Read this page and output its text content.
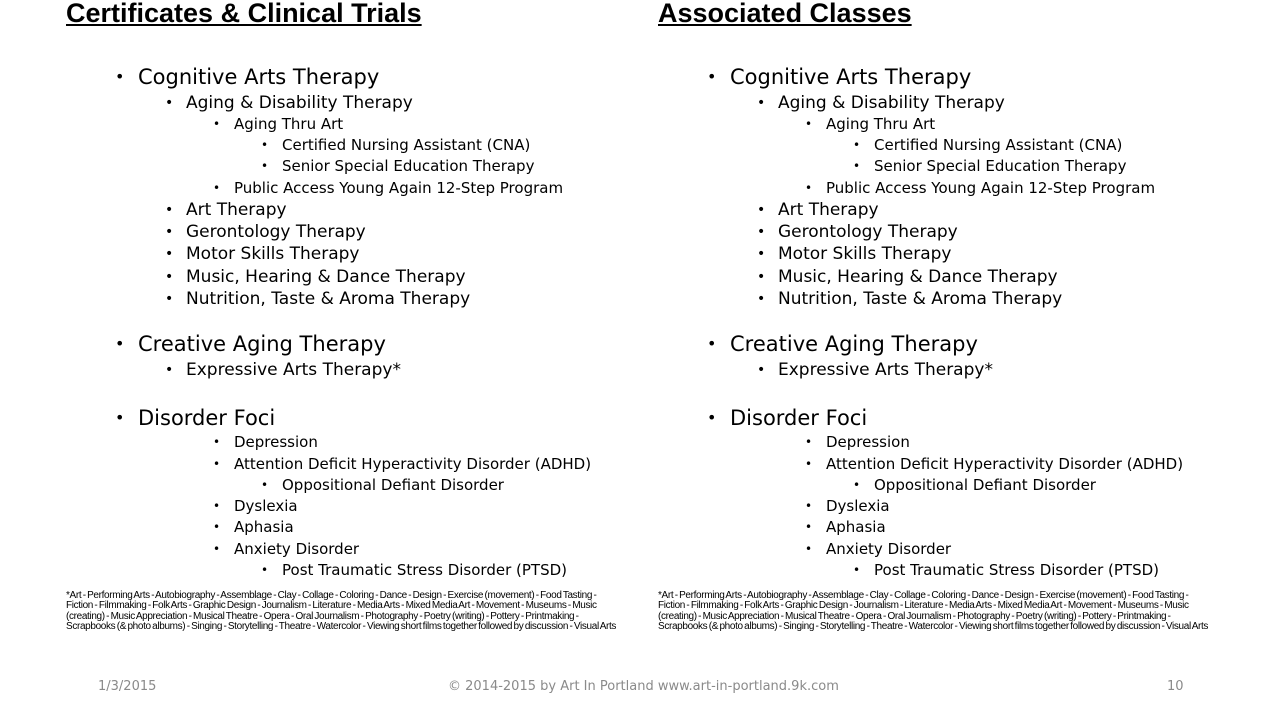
Certificates & Clinical Trials
• Cognitive Arts Therapy
• Aging & Disability Therapy
• Aging Thru Art
• Certified Nursing Assistant (CNA)
• Senior Special Education Therapy
• Public Access Young Again 12-Step Program
• Art Therapy
• Gerontology Therapy
• Motor Skills Therapy
• Music, Hearing & Dance Therapy
• Nutrition, Taste & Aroma Therapy
• Creative Aging Therapy
• Expressive Arts Therapy*
• Disorder Foci
• Depression
• Attention Deficit Hyperactivity Disorder (ADHD)
• Oppositional Defiant Disorder
• Dyslexia
• Aphasia
• Anxiety Disorder
• Post Traumatic Stress Disorder (PTSD)

*Art - Performing Arts - Autobiography - Assemblage - Clay - Collage - Coloring - Dance - Design - Exercise (movement) - Food Tasting - Fiction - Filmmaking - Folk Arts - Graphic Design - Journalism - Literature - Media Arts - Mixed Media Art - Movement - Museums - Music (creating) - Music Appreciation - Musical Theatre - Opera - Oral Journalism - Photography - Poetry (writing) - Pottery - Printmaking - Scrapbooks (& photo albums) - Singing - Storytelling - Theatre - Watercolor - Viewing short films together followed by discussion - Visual Arts

Associated Classes
• Cognitive Arts Therapy
• Aging & Disability Therapy
• Aging Thru Art
• Certified Nursing Assistant (CNA)
• Senior Special Education Therapy
• Public Access Young Again 12-Step Program
• Art Therapy
• Gerontology Therapy
• Motor Skills Therapy
• Music, Hearing & Dance Therapy
• Nutrition, Taste & Aroma Therapy
• Creative Aging Therapy
• Expressive Arts Therapy*
• Disorder Foci
• Depression
• Attention Deficit Hyperactivity Disorder (ADHD)
• Oppositional Defiant Disorder
• Dyslexia
• Aphasia
• Anxiety Disorder
• Post Traumatic Stress Disorder (PTSD)

*Art - Performing Arts - Autobiography - Assemblage - Clay - Collage - Coloring - Dance - Design - Exercise (movement) - Food Tasting - Fiction - Filmmaking - Folk Arts - Graphic Design - Journalism - Literature - Media Arts - Mixed Media Art - Movement - Museums - Music (creating) - Music Appreciation - Musical Theatre - Opera - Oral Journalism - Photography - Poetry (writing) - Pottery - Printmaking - Scrapbooks (& photo albums) - Singing - Storytelling - Theatre - Watercolor - Viewing short films together followed by discussion - Visual Arts

1/3/2015	© 2014-2015 by Art In Portland www.art-in-portland.9k.com	10
